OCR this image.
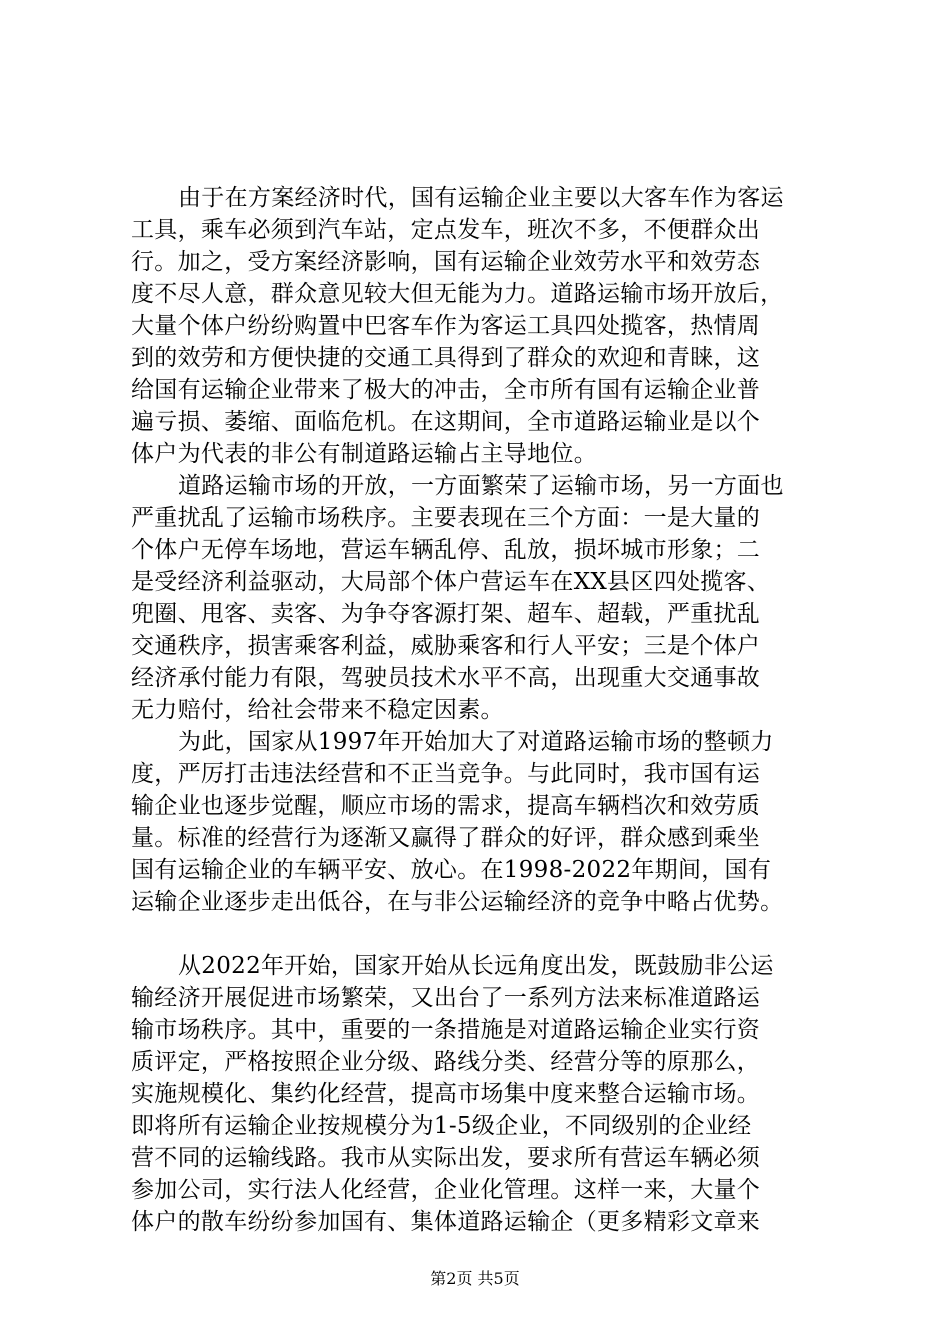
由于在方案经济时代，国有运输企业主要以大客车作为客运
工具，乘车必须到汽车站，定点发车，班次不多，不便群众出
行。加之，受方案经济影响，国有运输企业效劳水平和效劳态
度不尽人意，群众意见较大但无能为力。道路运输市场开放后，
大量个体户纷纷购置中巴客车作为客运工具四处揽客，热情周
到的效劳和方便快捷的交通工具得到了群众的欢迎和青睐，这
给国有运输企业带来了极大的冲击，全市所有国有运输企业普
遍亏损、萎缩、面临危机。在这期间，全市道路运输业是以个
体户为代表的非公有制道路运输占主导地位。
道路运输市场的开放，一方面繁荣了运输市场，另一方面也
严重扰乱了运输市场秩序。主要表现在三个方面：一是大量的
个体户无停车场地，营运车辆乱停、乱放，损坏城市形象；二
是受经济利益驱动，大局部个体户营运车在XX县区四处揽客、
兜圈、甩客、卖客、为争夺客源打架、超车、超载，严重扰乱
交通秩序，损害乘客利益，威胁乘客和行人平安；三是个体户
经济承付能力有限，驾驶员技术水平不高，出现重大交通事故
无力赔付，给社会带来不稳定因素。
为此，国家从1997年开始加大了对道路运输市场的整顿力
度，严厉打击违法经营和不正当竞争。与此同时，我市国有运
输企业也逐步觉醒，顺应市场的需求，提高车辆档次和效劳质
量。标准的经营行为逐渐又赢得了群众的好评，群众感到乘坐
国有运输企业的车辆平安、放心。在1998-2022年期间，国有
运输企业逐步走出低谷，在与非公运输经济的竞争中略占优势。
从2022年开始，国家开始从长远角度出发，既鼓励非公运
输经济开展促进市场繁荣，又出台了一系列方法来标准道路运
输市场秩序。其中，重要的一条措施是对道路运输企业实行资
质评定，严格按照企业分级、路线分类、经营分等的原那么，
实施规模化、集约化经营，提高市场集中度来整合运输市场。
即将所有运输企业按规模分为1-5级企业，不同级别的企业经
营不同的运输线路。我市从实际出发，要求所有营运车辆必须
参加公司，实行法人化经营，企业化管理。这样一来，大量个
体户的散车纷纷参加国有、集体道路运输企（更多精彩文章来
第2页 共5页
